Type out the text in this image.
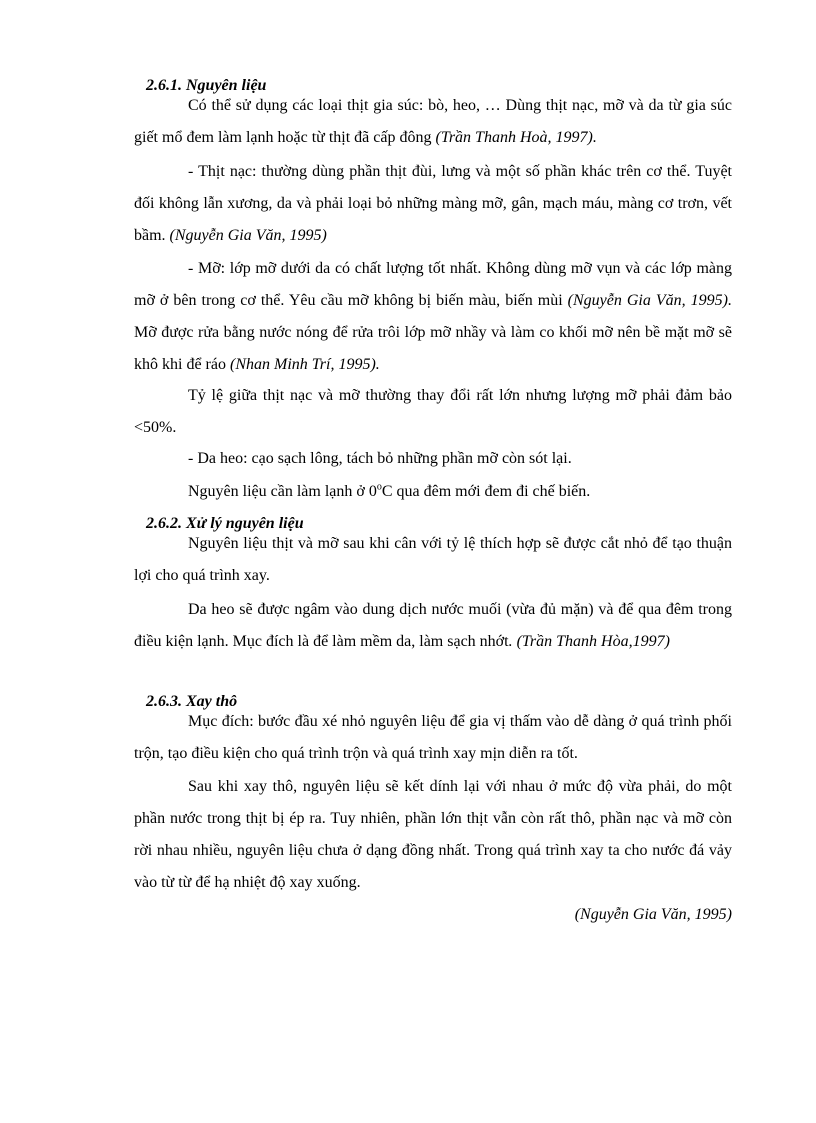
2.6.1. Nguyên liệu

Có thể sử dụng các loại thịt gia súc: bò, heo, … Dùng thịt nạc, mỡ và da từ gia súc giết mổ đem làm lạnh hoặc từ thịt đã cấp đông (Trần Thanh Hoà, 1997).

- Thịt nạc: thường dùng phần thịt đùi, lưng và một số phần khác trên cơ thể. Tuyệt đối không lẫn xương, da và phải loại bỏ những màng mỡ, gân, mạch máu, màng cơ trơn, vết bầm. (Nguyễn Gia Văn, 1995)

- Mỡ: lớp mỡ dưới da có chất lượng tốt nhất. Không dùng mỡ vụn và các lớp màng mỡ ở bên trong cơ thể. Yêu cầu mỡ không bị biến màu, biến mùi (Nguyễn Gia Văn, 1995). Mỡ được rửa bằng nước nóng để rửa trôi lớp mỡ nhầy và làm co khối mỡ nên bề mặt mỡ sẽ khô khi để ráo (Nhan Minh Trí, 1995).

Tỷ lệ giữa thịt nạc và mỡ thường thay đổi rất lớn nhưng lượng mỡ phải đảm bảo <50%.

- Da heo: cạo sạch lông, tách bỏ những phần mỡ còn sót lại.

Nguyên liệu cần làm lạnh ở 0$^o$C qua đêm mới đem đi chế biến.

2.6.2. Xử lý nguyên liệu

Nguyên liệu thịt và mỡ sau khi cân với tỷ lệ thích hợp sẽ được cắt nhỏ để tạo thuận lợi cho quá trình xay.

Da heo sẽ được ngâm vào dung dịch nước muối (vừa đủ mặn) và để qua đêm trong điều kiện lạnh. Mục đích là để làm mềm da, làm sạch nhớt. (Trần Thanh Hòa,1997)

2.6.3. Xay thô

Mục đích: bước đầu xé nhỏ nguyên liệu để gia vị thấm vào dễ dàng ở quá trình phối trộn, tạo điều kiện cho quá trình trộn và quá trình xay mịn diễn ra tốt.

Sau khi xay thô, nguyên liệu sẽ kết dính lại với nhau ở mức độ vừa phải, do một phần nước trong thịt bị ép ra. Tuy nhiên, phần lớn thịt vẫn còn rất thô, phần nạc và mỡ còn rời nhau nhiều, nguyên liệu chưa ở dạng đồng nhất. Trong quá trình xay ta cho nước đá vảy vào từ từ để hạ nhiệt độ xay xuống.

(Nguyễn Gia Văn, 1995)
